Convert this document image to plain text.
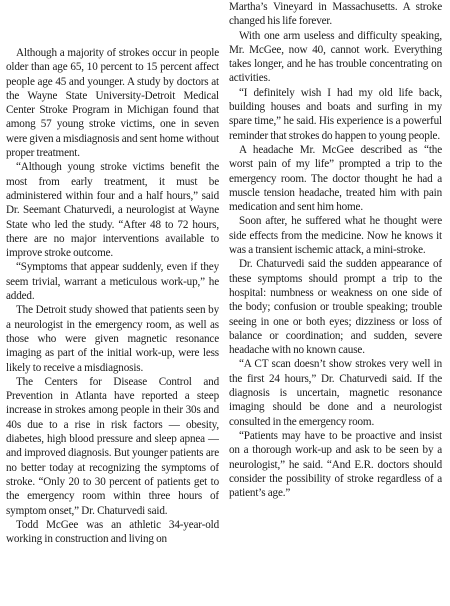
Although a majority of strokes occur in people older than age 65, 10 percent to 15 percent affect people age 45 and younger. A study by doctors at the Wayne State University-Detroit Medical Center Stroke Program in Michigan found that among 57 young stroke victims, one in seven were given a misdiagnosis and sent home without proper treatment.

“Although young stroke victims benefit the most from early treatment, it must be administered within four and a half hours,” said Dr. Seemant Chaturvedi, a neurologist at Wayne State who led the study. “After 48 to 72 hours, there are no major interventions available to improve stroke outcome.

“Symptoms that appear suddenly, even if they seem trivial, warrant a meticulous work-up,” he added.

The Detroit study showed that patients seen by a neurologist in the emergency room, as well as those who were given magnetic resonance imaging as part of the initial work-up, were less likely to receive a misdiagnosis.

The Centers for Disease Control and Prevention in Atlanta have reported a steep increase in strokes among people in their 30s and 40s due to a rise in risk factors — obesity, diabetes, high blood pressure and sleep apnea — and improved diagnosis. But younger patients are no better today at recognizing the symptoms of stroke. “Only 20 to 30 percent of patients get to the emergency room within three hours of symptom onset,” Dr. Chaturvedi said.

Todd McGee was an athletic 34-year-old working in construction and living on

Martha’s Vineyard in Massachusetts. A stroke changed his life forever.

With one arm useless and difficulty speaking, Mr. McGee, now 40, cannot work. Everything takes longer, and he has trouble concentrating on activities.

“I definitely wish I had my old life back, building houses and boats and surfing in my spare time,” he said. His experience is a powerful reminder that strokes do happen to young people.

A headache Mr. McGee described as “the worst pain of my life” prompted a trip to the emergency room. The doctor thought he had a muscle tension headache, treated him with pain medication and sent him home.

Soon after, he suffered what he thought were side effects from the medicine. Now he knows it was a transient ischemic attack, a mini-stroke.

Dr. Chaturvedi said the sudden appearance of these symptoms should prompt a trip to the hospital: numbness or weakness on one side of the body; confusion or trouble speaking; trouble seeing in one or both eyes; dizziness or loss of balance or coordination; and sudden, severe headache with no known cause.

“A CT scan doesn’t show strokes very well in the first 24 hours,” Dr. Chaturvedi said. If the diagnosis is uncertain, magnetic resonance imaging should be done and a neurologist consulted in the emergency room.

“Patients may have to be proactive and insist on a thorough work-up and ask to be seen by a neurologist,” he said. “And E.R. doctors should consider the possibility of stroke regardless of a patient’s age.”
